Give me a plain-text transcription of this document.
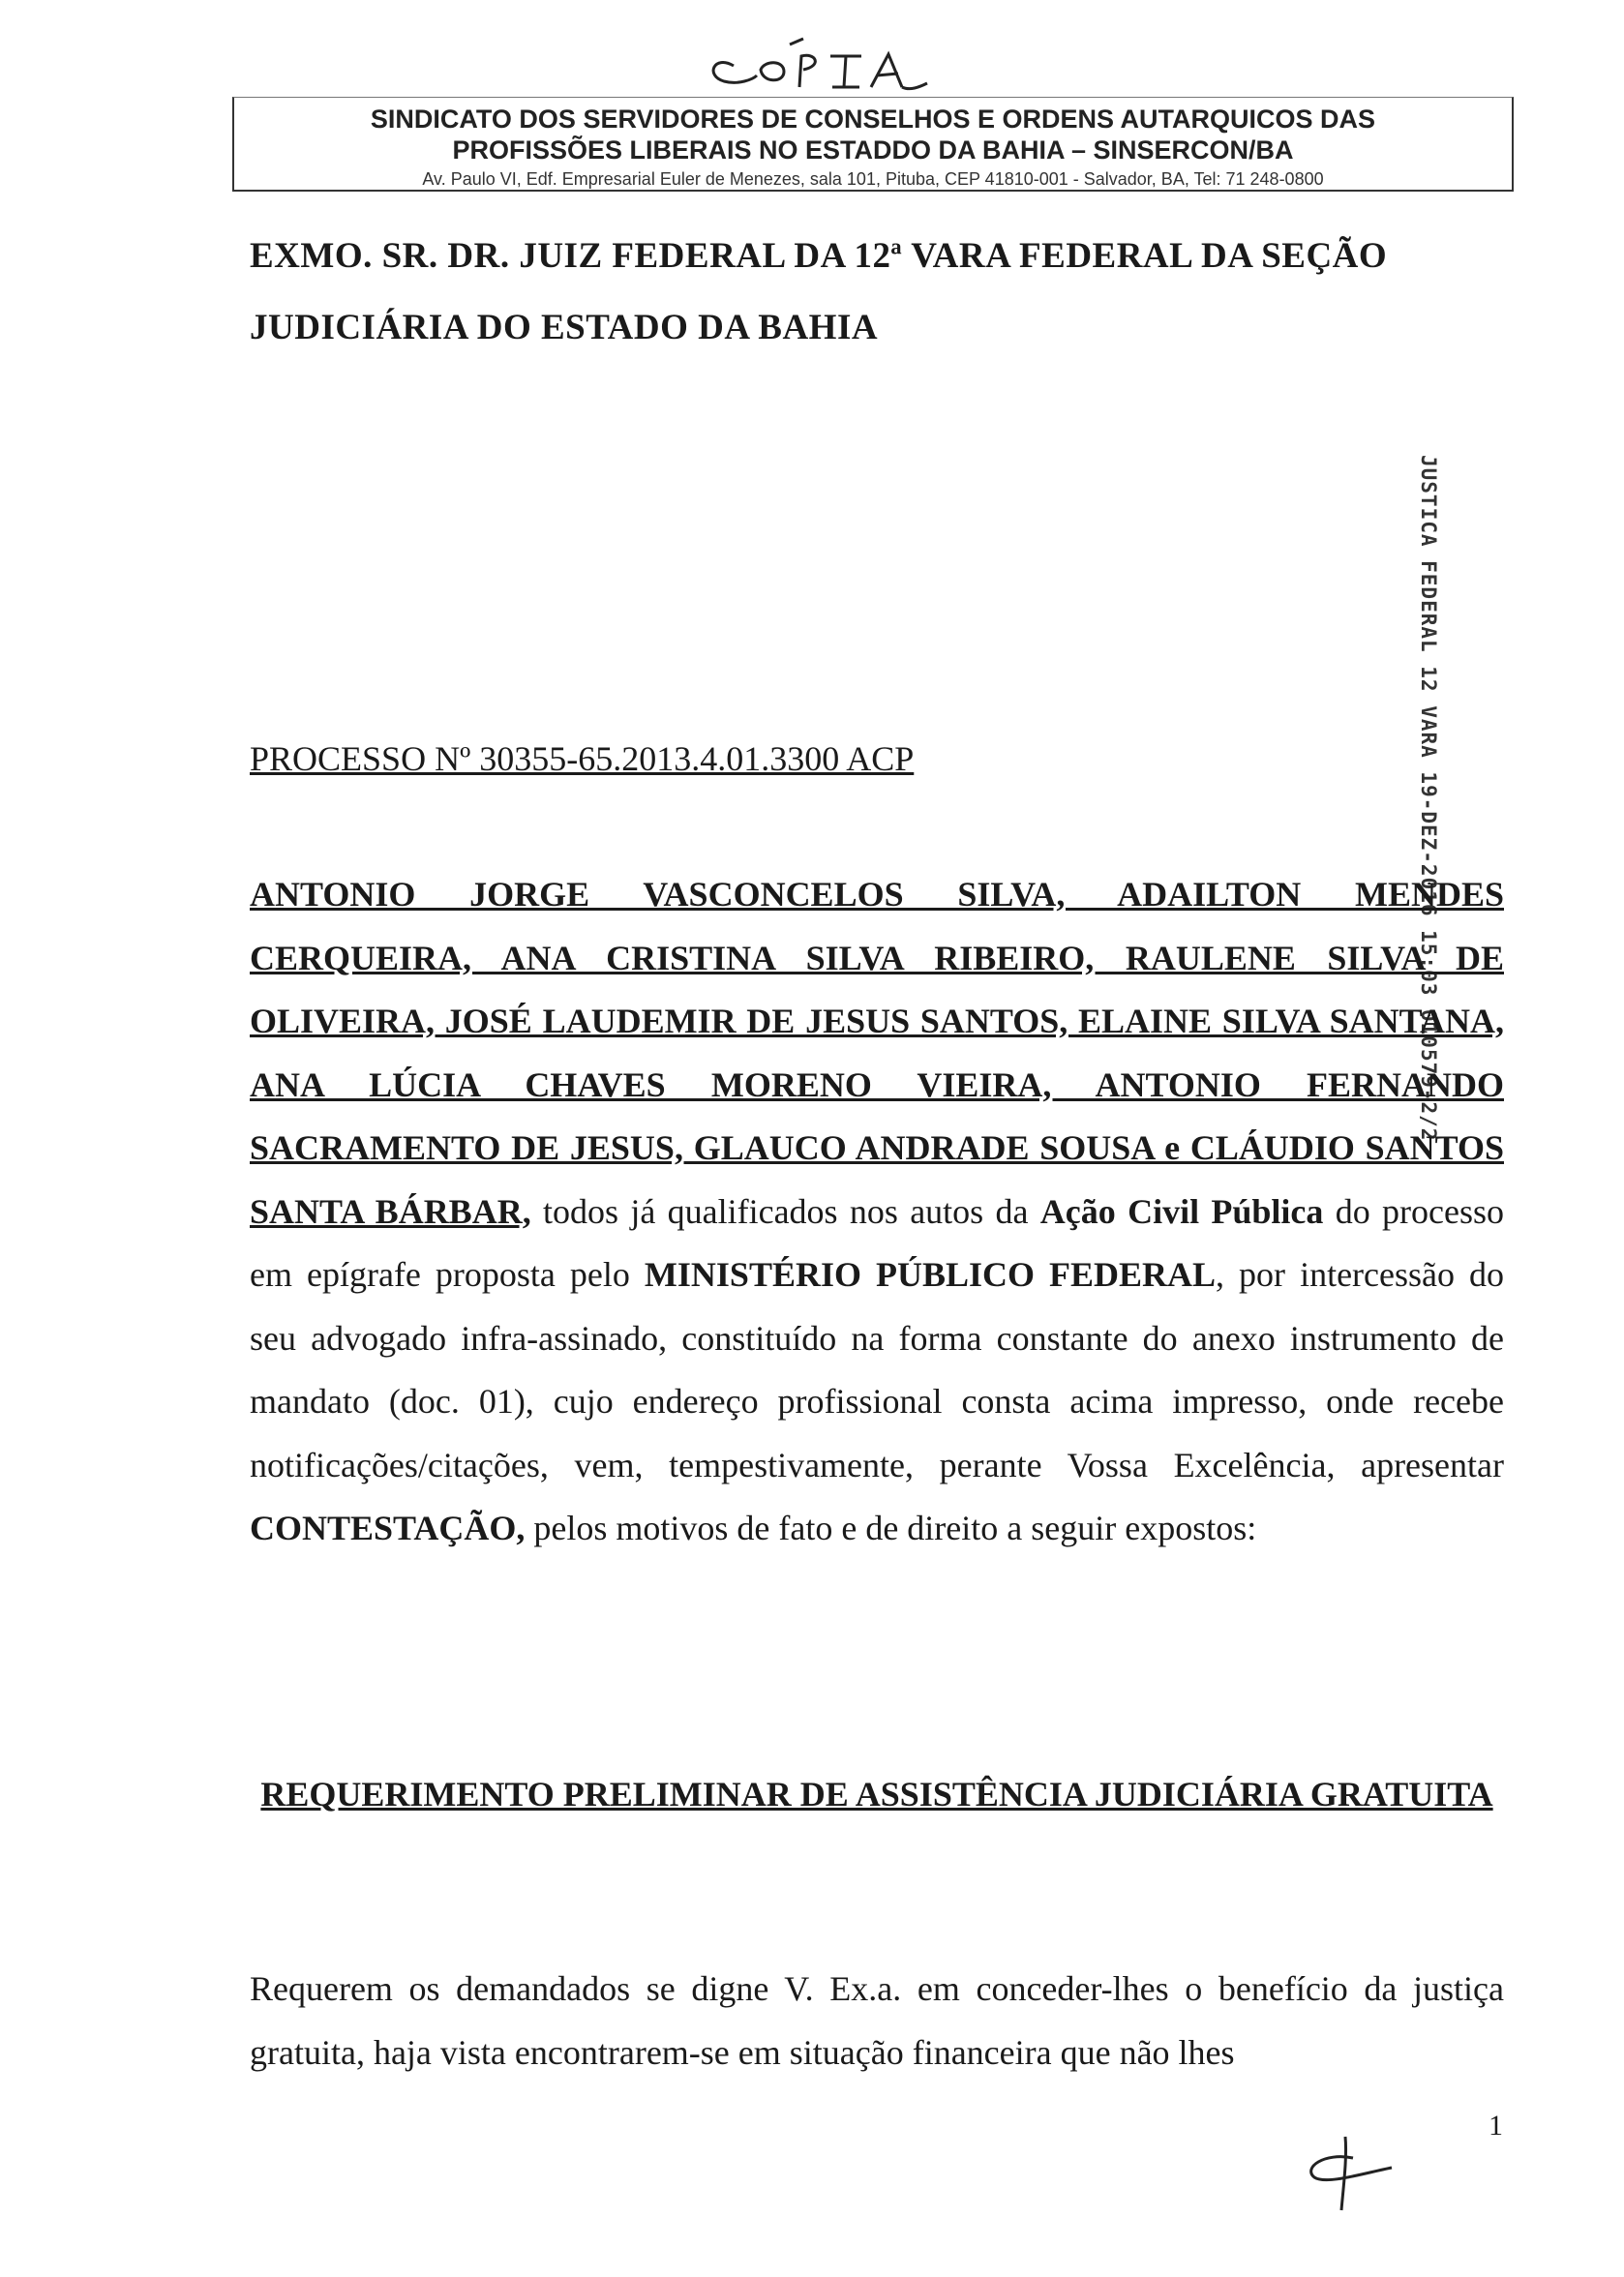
SINDICATO DOS SERVIDORES DE CONSELHOS E ORDENS AUTARQUICOS DAS
PROFISSÕES LIBERAIS NO ESTADDO DA BAHIA – SINSERCON/BA
Av. Paulo VI, Edf. Empresarial Euler de Menezes, sala 101, Pituba, CEP 41810-001 - Salvador, BA, Tel: 71 248-0800
EXMO. SR. DR. JUIZ FEDERAL DA 12ª VARA FEDERAL DA SEÇÃO JUDICIÁRIA DO ESTADO DA BAHIA
JUSTICA FEDERAL 12 VARA 19-DEZ-2016 15:03 010579-2/2
PROCESSO Nº 30355-65.2013.4.01.3300 ACP
ANTONIO JORGE VASCONCELOS SILVA, ADAILTON MENDES CERQUEIRA, ANA CRISTINA SILVA RIBEIRO, RAULENE SILVA DE OLIVEIRA, JOSÉ LAUDEMIR DE JESUS SANTOS, ELAINE SILVA SANTANA, ANA LÚCIA CHAVES MORENO VIEIRA, ANTONIO FERNANDO SACRAMENTO DE JESUS, GLAUCO ANDRADE SOUSA e CLÁUDIO SANTOS SANTA BÁRBAR, todos já qualificados nos autos da Ação Civil Pública do processo em epígrafe proposta pelo MINISTÉRIO PÚBLICO FEDERAL, por intercessão do seu advogado infra-assinado, constituído na forma constante do anexo instrumento de mandato (doc. 01), cujo endereço profissional consta acima impresso, onde recebe notificações/citações, vem, tempestivamente, perante Vossa Excelência, apresentar CONTESTAÇÃO, pelos motivos de fato e de direito a seguir expostos:
REQUERIMENTO PRELIMINAR DE ASSISTÊNCIA JUDICIÁRIA GRATUITA
Requerem os demandados se digne V. Ex.a. em conceder-lhes o benefício da justiça gratuita, haja vista encontrarem-se em situação financeira que não lhes
1
